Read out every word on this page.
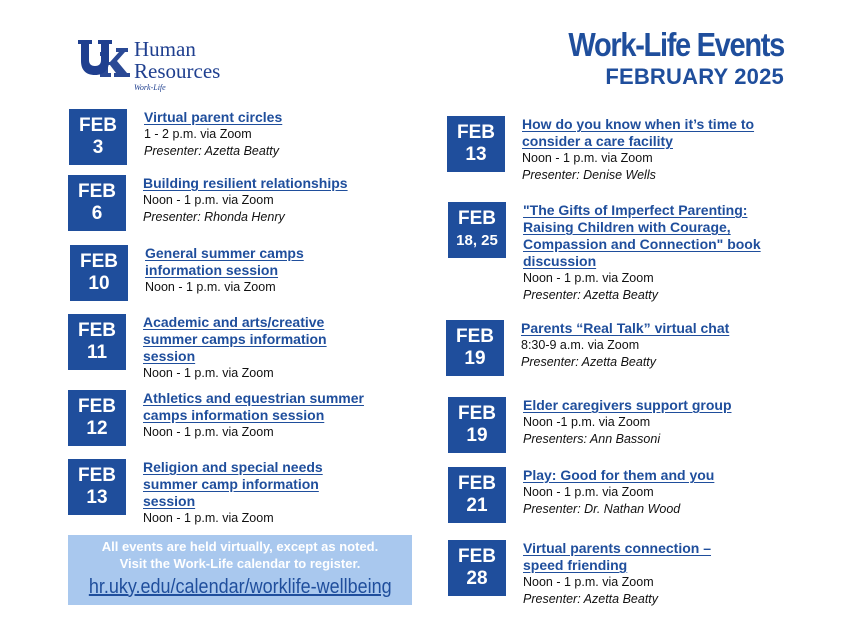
Human
Resources
Work-Life
Work-Life Events
FEBRUARY 2025
FEB
3
Virtual parent circles
1 - 2 p.m. via Zoom
Presenter: Azetta Beatty
FEB
6
Building resilient relationships
Noon - 1 p.m. via Zoom
Presenter: Rhonda Henry
FEB
10
General summer camps information session
Noon - 1 p.m. via Zoom
FEB
11
Academic and arts/creative summer camps information session
Noon - 1 p.m. via Zoom
FEB
12
Athletics and equestrian summer camps information session
Noon - 1 p.m. via Zoom
FEB
13
Religion and special needs summer camp information session
Noon - 1 p.m. via Zoom
All events are held virtually, except as noted.
Visit the Work-Life calendar to register.
hr.uky.edu/calendar/worklife-wellbeing
FEB
13
How do you know when it’s time to consider a care facility
Noon - 1 p.m. via Zoom
Presenter: Denise Wells
FEB
18, 25
"The Gifts of Imperfect Parenting: Raising Children with Courage, Compassion and Connection" book discussion
Noon - 1 p.m. via Zoom
Presenter: Azetta Beatty
FEB
19
Parents “Real Talk” virtual chat
8:30-9 a.m. via Zoom
Presenter: Azetta Beatty
FEB
19
Elder caregivers support group
Noon -1 p.m. via Zoom
Presenters: Ann Bassoni
FEB
21
Play: Good for them and you
Noon - 1 p.m. via Zoom
Presenter: Dr. Nathan Wood
FEB
28
Virtual parents connection – speed friending
Noon - 1 p.m. via Zoom
Presenter: Azetta Beatty
